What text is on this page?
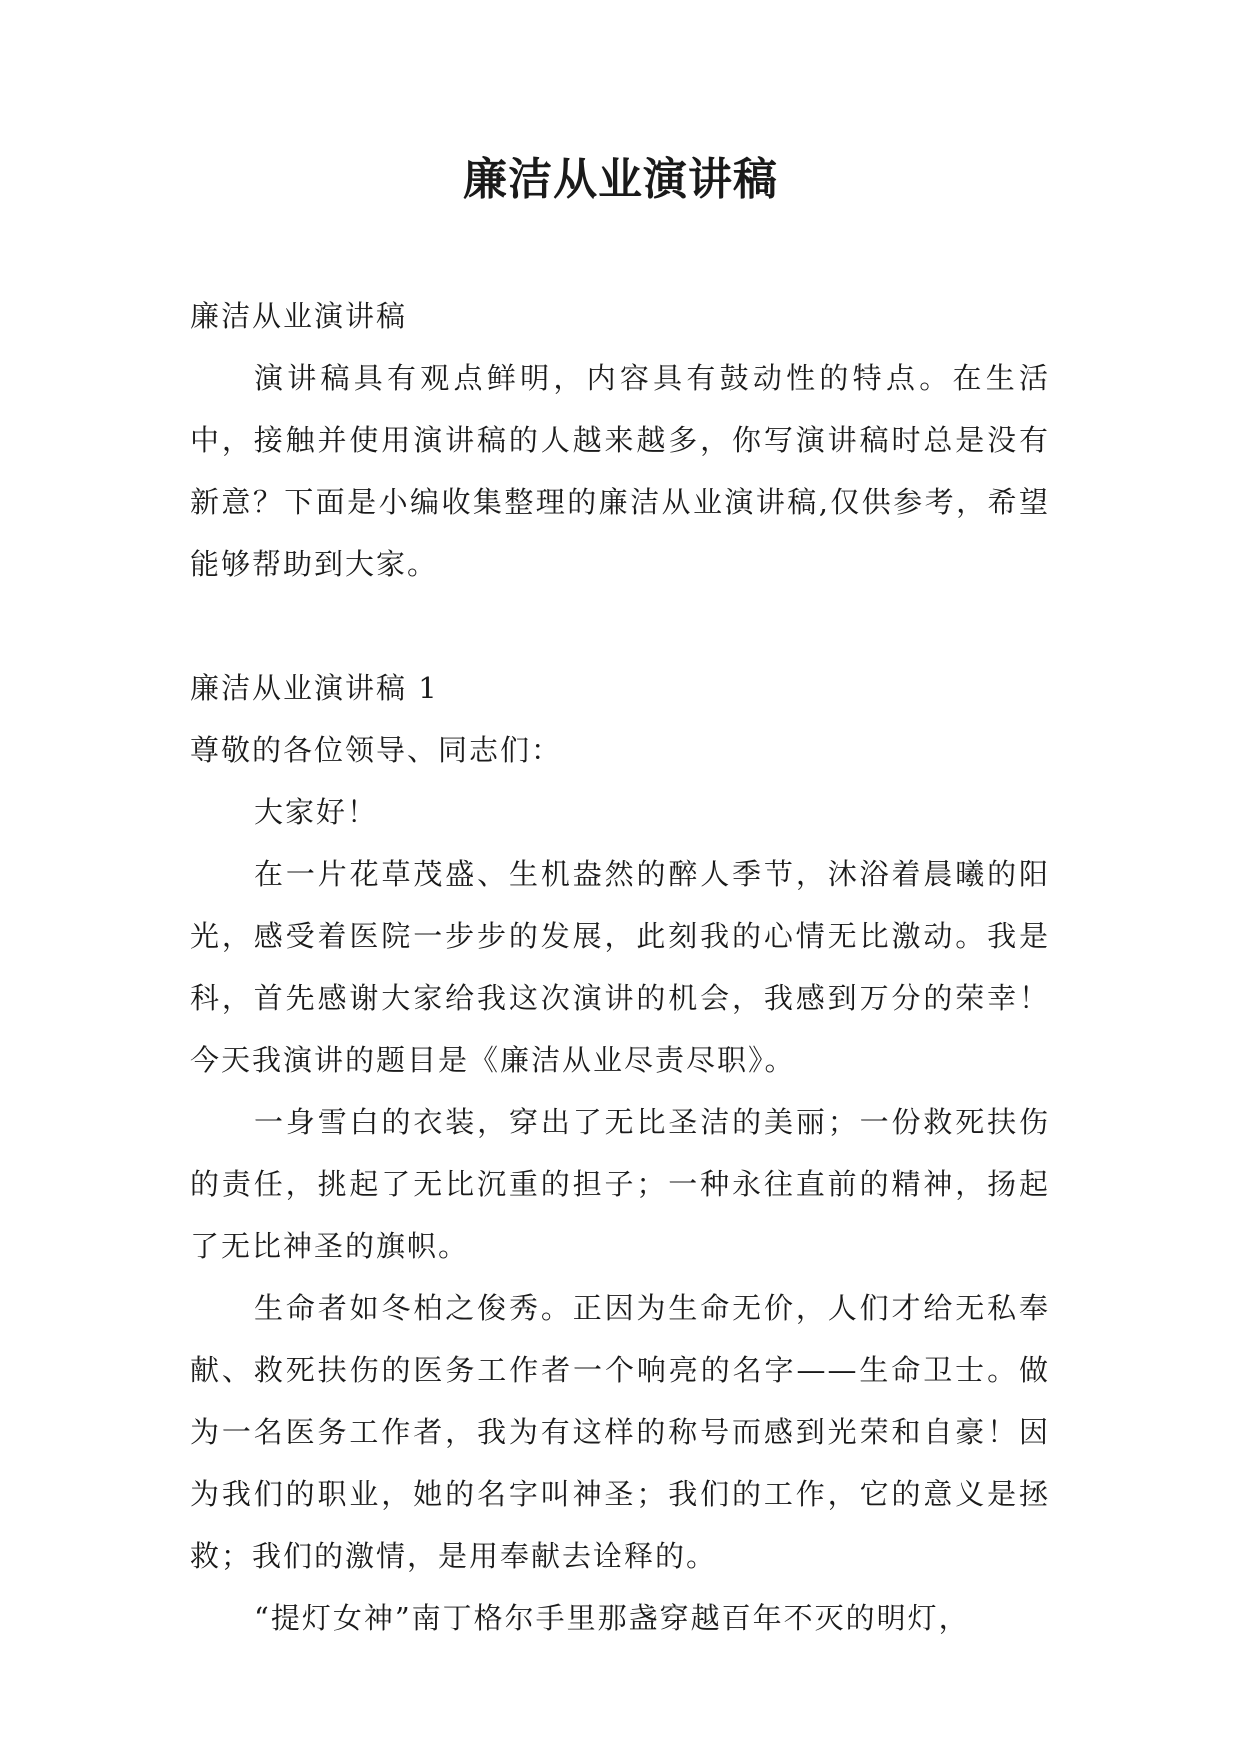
廉洁从业演讲稿

廉洁从业演讲稿

演讲稿具有观点鲜明，内容具有鼓动性的特点。在生活中，接触并使用演讲稿的人越来越多，你写演讲稿时总是没有新意？下面是小编收集整理的廉洁从业演讲稿,仅供参考，希望能够帮助到大家。

廉洁从业演讲稿 1

尊敬的各位领导、同志们：

大家好！

在一片花草茂盛、生机盎然的醉人季节，沐浴着晨曦的阳光，感受着医院一步步的发展，此刻我的心情无比激动。我是科，首先感谢大家给我这次演讲的机会，我感到万分的荣幸！今天我演讲的题目是《廉洁从业尽责尽职》。

一身雪白的衣装，穿出了无比圣洁的美丽；一份救死扶伤的责任，挑起了无比沉重的担子；一种永往直前的精神，扬起了无比神圣的旗帜。

生命者如冬柏之俊秀。正因为生命无价，人们才给无私奉献、救死扶伤的医务工作者一个响亮的名字——生命卫士。做为一名医务工作者，我为有这样的称号而感到光荣和自豪！因为我们的职业，她的名字叫神圣；我们的工作，它的意义是拯救；我们的激情，是用奉献去诠释的。

“提灯女神”南丁格尔手里那盏穿越百年不灭的明灯，
